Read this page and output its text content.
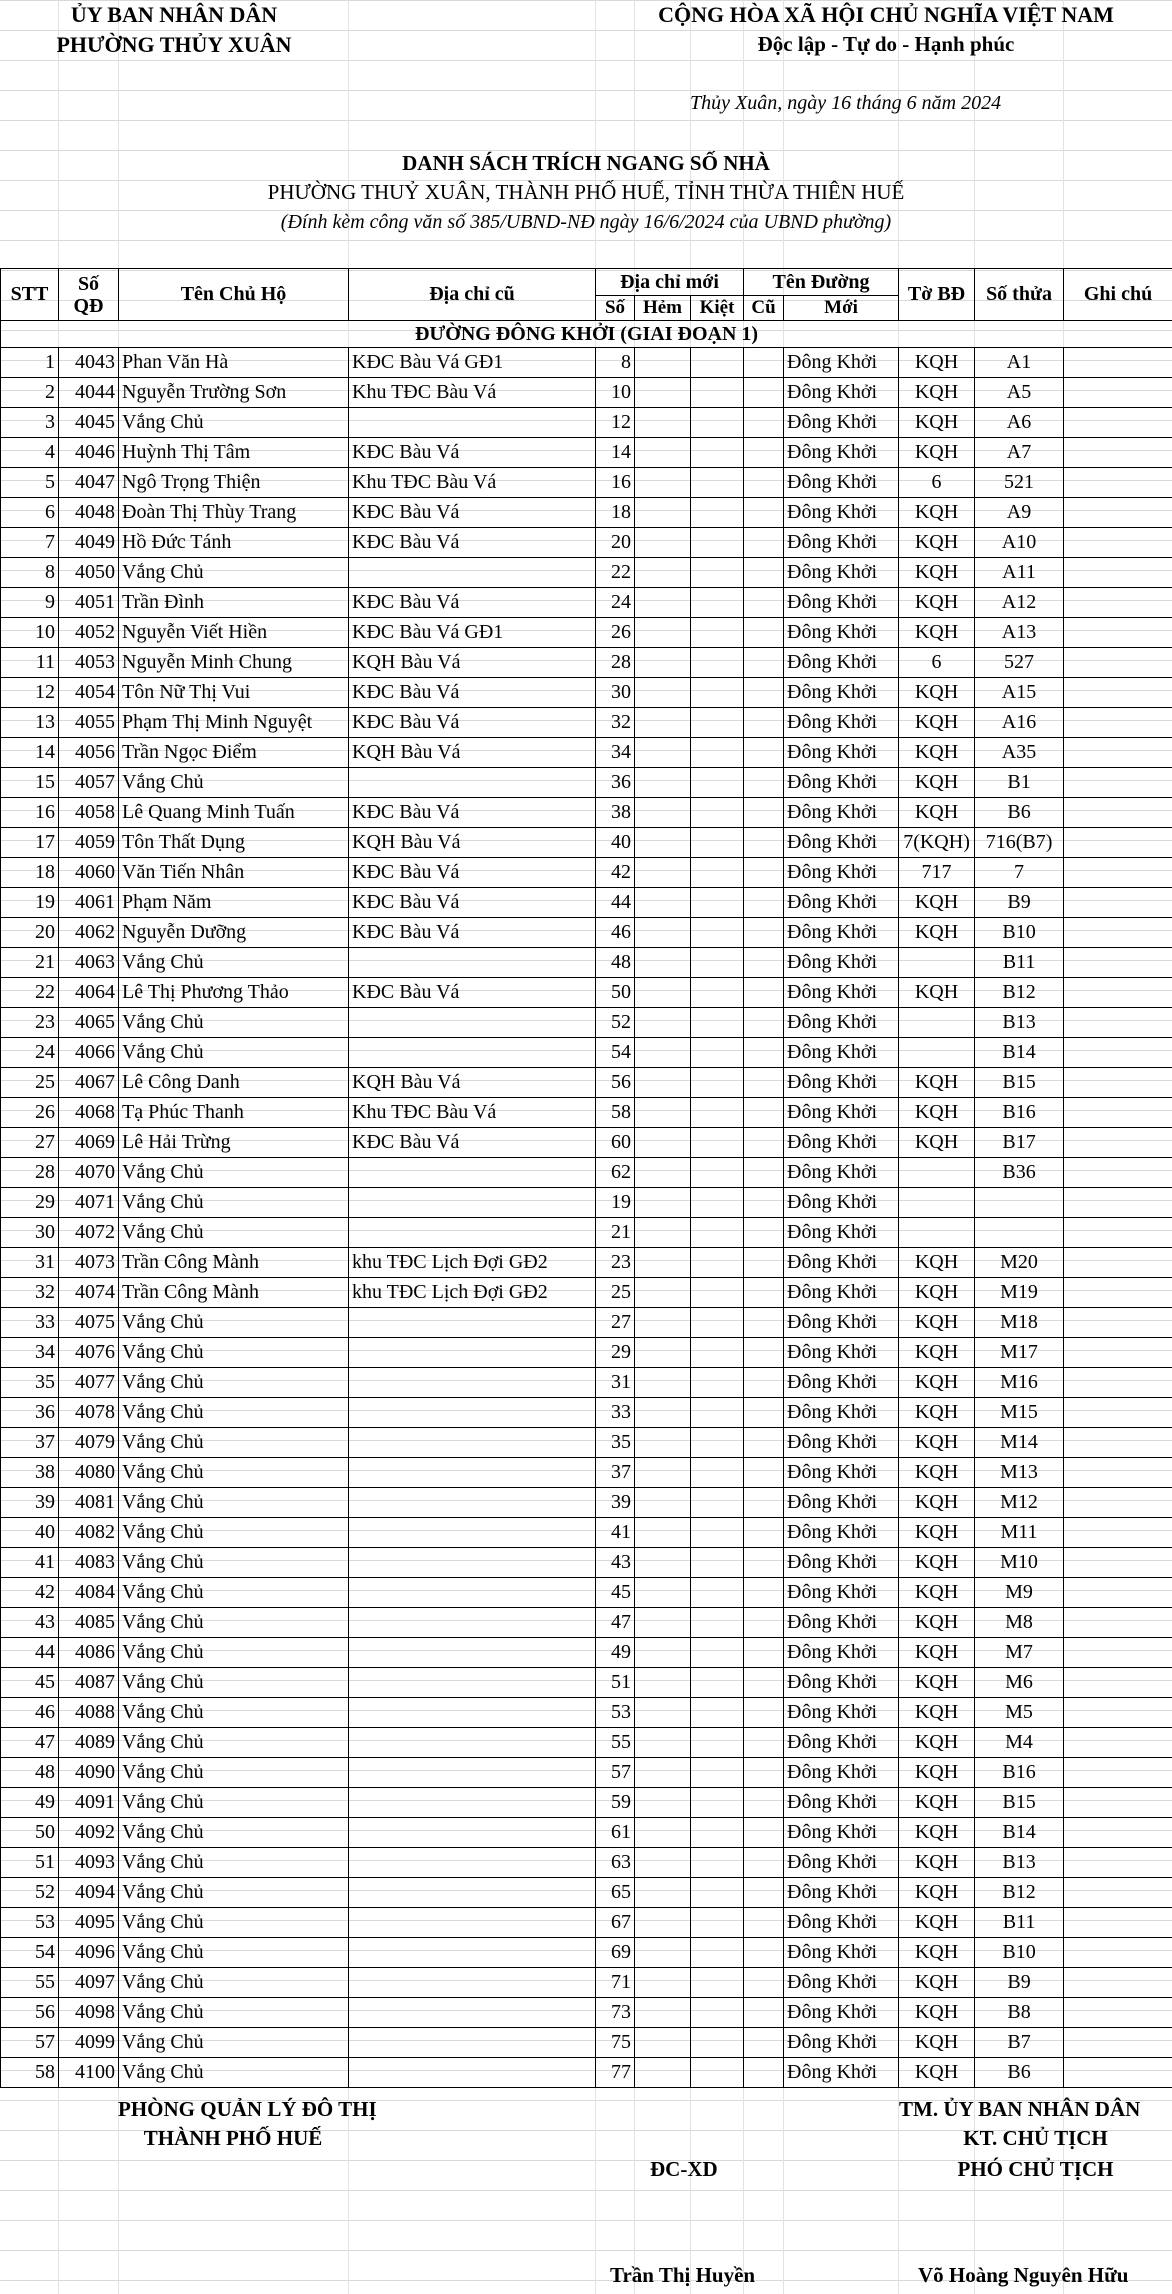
ỦY BAN NHÂN DÂN
PHƯỜNG THỦY XUÂN
CỘNG HÒA XÃ HỘI CHỦ NGHĨA VIỆT NAM
Độc lập - Tự do - Hạnh phúc
Thủy Xuân, ngày 16 tháng 6 năm 2024
DANH SÁCH TRÍCH NGANG SỐ NHÀ
PHƯỜNG THUỶ XUÂN, THÀNH PHỐ HUẾ, TỈNH THỪA THIÊN HUẾ
(Đính kèm công văn số 385/UBND-NĐ ngày 16/6/2024 của UBND phường)
STT	Số QĐ	Tên Chủ Hộ	Địa chỉ cũ	Địa chỉ mới			Tên Đường		Tờ BĐ	Số thửa	Ghi chú
				Số	Hẻm	Kiệt	Cũ	Mới			
ĐƯỜNG ĐÔNG KHỞI (GIAI ĐOẠN 1)											
1	4043	Phan Văn Hà	KĐC Bàu Vá GĐ1	8				Đông Khởi	KQH	A1	
2	4044	Nguyễn Trường Sơn	Khu TĐC Bàu Vá	10				Đông Khởi	KQH	A5	
3	4045	Vắng Chủ		12				Đông Khởi	KQH	A6	
4	4046	Huỳnh Thị Tâm	KĐC Bàu Vá	14				Đông Khởi	KQH	A7	
5	4047	Ngô Trọng Thiện	Khu TĐC Bàu Vá	16				Đông Khởi	6	521	
6	4048	Đoàn Thị Thùy Trang	KĐC Bàu Vá	18				Đông Khởi	KQH	A9	
7	4049	Hồ Đức Tánh	KĐC Bàu Vá	20				Đông Khởi	KQH	A10	
8	4050	Vắng Chủ		22				Đông Khởi	KQH	A11	
9	4051	Trần Đình	KĐC Bàu Vá	24				Đông Khởi	KQH	A12	
10	4052	Nguyễn Viết Hiền	KĐC Bàu Vá GĐ1	26				Đông Khởi	KQH	A13	
11	4053	Nguyễn Minh Chung	KQH Bàu Vá	28				Đông Khởi	6	527	
12	4054	Tôn Nữ Thị Vui	KĐC Bàu Vá	30				Đông Khởi	KQH	A15	
13	4055	Phạm Thị Minh Nguyệt	KĐC Bàu Vá	32				Đông Khởi	KQH	A16	
14	4056	Trần Ngọc Điểm	KQH Bàu Vá	34				Đông Khởi	KQH	A35	
15	4057	Vắng Chủ		36				Đông Khởi	KQH	B1	
16	4058	Lê Quang Minh Tuấn	KĐC Bàu Vá	38				Đông Khởi	KQH	B6	
17	4059	Tôn Thất Dụng	KQH Bàu Vá	40				Đông Khởi	7(KQH)	716(B7)	
18	4060	Văn Tiến Nhân	KĐC Bàu Vá	42				Đông Khởi	717	7	
19	4061	Phạm Năm	KĐC Bàu Vá	44				Đông Khởi	KQH	B9	
20	4062	Nguyễn Dưỡng	KĐC Bàu Vá	46				Đông Khởi	KQH	B10	
21	4063	Vắng Chủ		48				Đông Khởi		B11	
22	4064	Lê Thị Phương Thảo	KĐC Bàu Vá	50				Đông Khởi	KQH	B12	
23	4065	Vắng Chủ		52				Đông Khởi		B13	
24	4066	Vắng Chủ		54				Đông Khởi		B14	
25	4067	Lê Công Danh	KQH Bàu Vá	56				Đông Khởi	KQH	B15	
26	4068	Tạ Phúc Thanh	Khu TĐC Bàu Vá	58				Đông Khởi	KQH	B16	
27	4069	Lê Hải Trừng	KĐC Bàu Vá	60				Đông Khởi	KQH	B17	
28	4070	Vắng Chủ		62				Đông Khởi		B36	
29	4071	Vắng Chủ		19				Đông Khởi			
30	4072	Vắng Chủ		21				Đông Khởi			
31	4073	Trần Công Mành	khu TĐC Lịch Đợi GĐ2	23				Đông Khởi	KQH	M20	
32	4074	Trần Công Mành	khu TĐC Lịch Đợi GĐ2	25				Đông Khởi	KQH	M19	
33	4075	Vắng Chủ		27				Đông Khởi	KQH	M18	
34	4076	Vắng Chủ		29				Đông Khởi	KQH	M17	
35	4077	Vắng Chủ		31				Đông Khởi	KQH	M16	
36	4078	Vắng Chủ		33				Đông Khởi	KQH	M15	
37	4079	Vắng Chủ		35				Đông Khởi	KQH	M14	
38	4080	Vắng Chủ		37				Đông Khởi	KQH	M13	
39	4081	Vắng Chủ		39				Đông Khởi	KQH	M12	
40	4082	Vắng Chủ		41				Đông Khởi	KQH	M11	
41	4083	Vắng Chủ		43				Đông Khởi	KQH	M10	
42	4084	Vắng Chủ		45				Đông Khởi	KQH	M9	
43	4085	Vắng Chủ		47				Đông Khởi	KQH	M8	
44	4086	Vắng Chủ		49				Đông Khởi	KQH	M7	
45	4087	Vắng Chủ		51				Đông Khởi	KQH	M6	
46	4088	Vắng Chủ		53				Đông Khởi	KQH	M5	
47	4089	Vắng Chủ		55				Đông Khởi	KQH	M4	
48	4090	Vắng Chủ		57				Đông Khởi	KQH	B16	
49	4091	Vắng Chủ		59				Đông Khởi	KQH	B15	
50	4092	Vắng Chủ		61				Đông Khởi	KQH	B14	
51	4093	Vắng Chủ		63				Đông Khởi	KQH	B13	
52	4094	Vắng Chủ		65				Đông Khởi	KQH	B12	
53	4095	Vắng Chủ		67				Đông Khởi	KQH	B11	
54	4096	Vắng Chủ		69				Đông Khởi	KQH	B10	
55	4097	Vắng Chủ		71				Đông Khởi	KQH	B9	
56	4098	Vắng Chủ		73				Đông Khởi	KQH	B8	
57	4099	Vắng Chủ		75				Đông Khởi	KQH	B7	
58	4100	Vắng Chủ		77				Đông Khởi	KQH	B6	
PHÒNG QUẢN LÝ ĐÔ THỊ
THÀNH PHỐ HUẾ
ĐC-XD
TM. ỦY BAN NHÂN DÂN
KT. CHỦ TỊCH
PHÓ CHỦ TỊCH
Trần Thị Huyền	Võ Hoàng Nguyên Hữu
